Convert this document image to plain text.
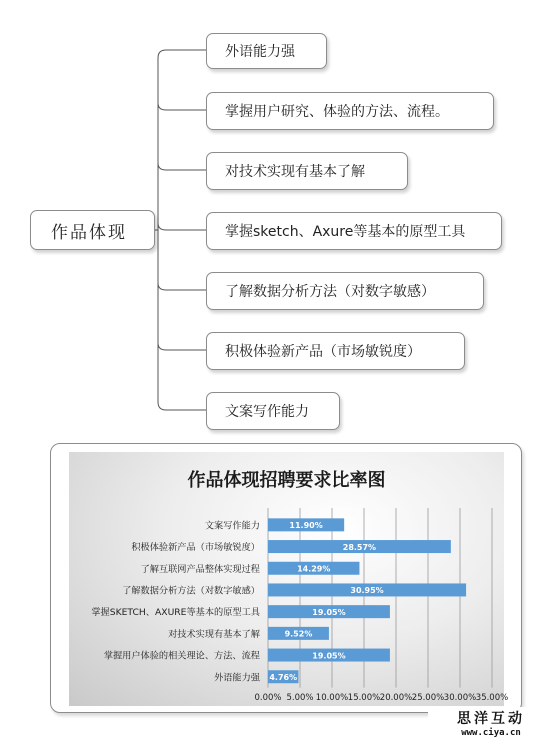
作品体现
外语能力强
掌握用户研究、体验的方法、流程。
对技术实现有基本了解
掌握sketch、Axure等基本的原型工具
了解数据分析方法（对数字敏感）
积极体验新产品（市场敏锐度）
文案写作能力
作品体现招聘要求比率图
0.00% 5.00% 10.00% 15.00% 20.00% 25.00% 30.00% 35.00%
文案写作能力	11.90%
积极体验新产品（市场敏锐度）	28.57%
了解互联网产品整体实现过程	14.29%
了解数据分析方法（对数字敏感）	30.95%
掌握SKETCH、AXURE等基本的原型工具	19.05%
对技术实现有基本了解	9.52%
掌握用户体验的相关理论、方法、流程	19.05%
外语能力强 4.76%
思洋互动
www.ciya.cn
